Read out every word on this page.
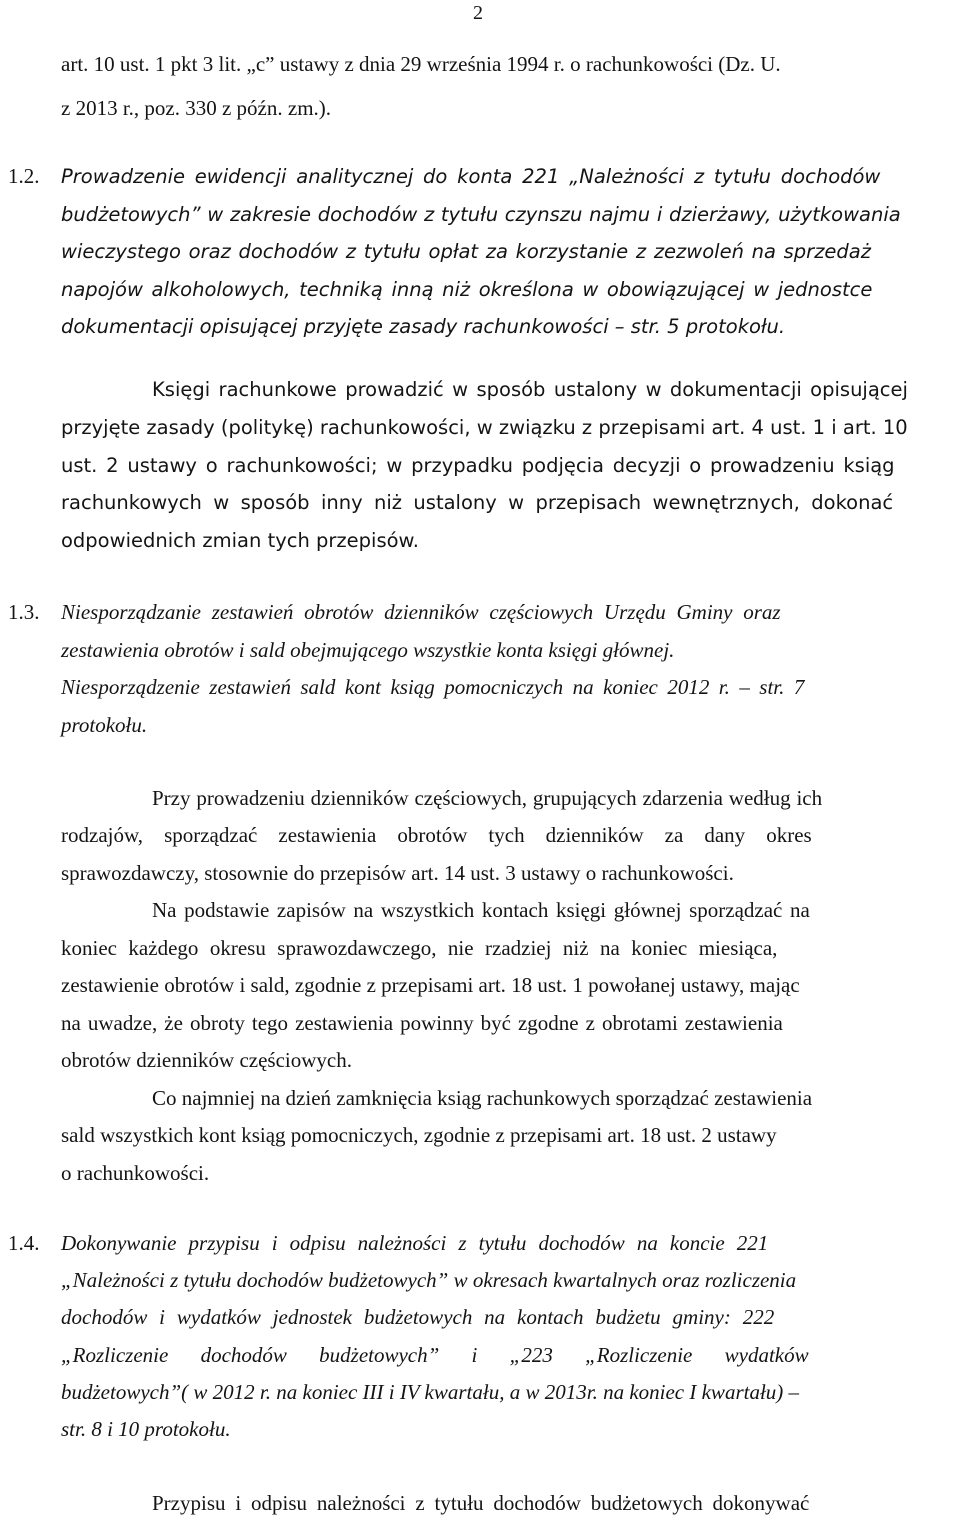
2
art. 10 ust. 1 pkt 3 lit. „c” ustawy z dnia 29 września 1994 r. o rachunkowości (Dz. U.
z 2013 r., poz. 330 z późn. zm.).
1.2. Prowadzenie ewidencji analitycznej do konta 221 „Należności z tytułu dochodów
budżetowych” w zakresie dochodów z tytułu czynszu najmu i dzierżawy, użytkowania
wieczystego oraz dochodów z tytułu opłat za korzystanie z zezwoleń na sprzedaż
napojów alkoholowych, techniką inną niż określona w obowiązującej w jednostce
dokumentacji opisującej przyjęte zasady rachunkowości – str. 5 protokołu.
Księgi rachunkowe prowadzić w sposób ustalony w dokumentacji opisującej
przyjęte zasady (politykę) rachunkowości, w związku z przepisami art. 4 ust. 1 i art. 10
ust. 2 ustawy o rachunkowości; w przypadku podjęcia decyzji o prowadzeniu ksiąg
rachunkowych w sposób inny niż ustalony w przepisach wewnętrznych, dokonać
odpowiednich zmian tych przepisów.
1.3. Niesporządzanie zestawień obrotów dzienników częściowych Urzędu Gminy oraz
zestawienia obrotów i sald obejmującego wszystkie konta księgi głównej.
Niesporządzenie zestawień sald kont ksiąg pomocniczych na koniec 2012 r. – str. 7
protokołu.
Przy prowadzeniu dzienników częściowych, grupujących zdarzenia według ich
rodzajów, sporządzać zestawienia obrotów tych dzienników za dany okres
sprawozdawczy, stosownie do przepisów art. 14 ust. 3 ustawy o rachunkowości.
Na podstawie zapisów na wszystkich kontach księgi głównej sporządzać na
koniec każdego okresu sprawozdawczego, nie rzadziej niż na koniec miesiąca,
zestawienie obrotów i sald, zgodnie z przepisami art. 18 ust. 1 powołanej ustawy, mając
na uwadze, że obroty tego zestawienia powinny być zgodne z obrotami zestawienia
obrotów dzienników częściowych.
Co najmniej na dzień zamknięcia ksiąg rachunkowych sporządzać zestawienia
sald wszystkich kont ksiąg pomocniczych, zgodnie z przepisami art. 18 ust. 2 ustawy
o rachunkowości.
1.4. Dokonywanie przypisu i odpisu należności z tytułu dochodów na koncie 221
„Należności z tytułu dochodów budżetowych” w okresach kwartalnych oraz rozliczenia
dochodów i wydatków jednostek budżetowych na kontach budżetu gminy: 222
„Rozliczenie dochodów budżetowych” i „223 „Rozliczenie wydatków
budżetowych”( w 2012 r. na koniec III i IV kwartału, a w 2013r. na koniec I kwartału) –
str. 8 i 10 protokołu.
Przypisu i odpisu należności z tytułu dochodów budżetowych dokonywać
